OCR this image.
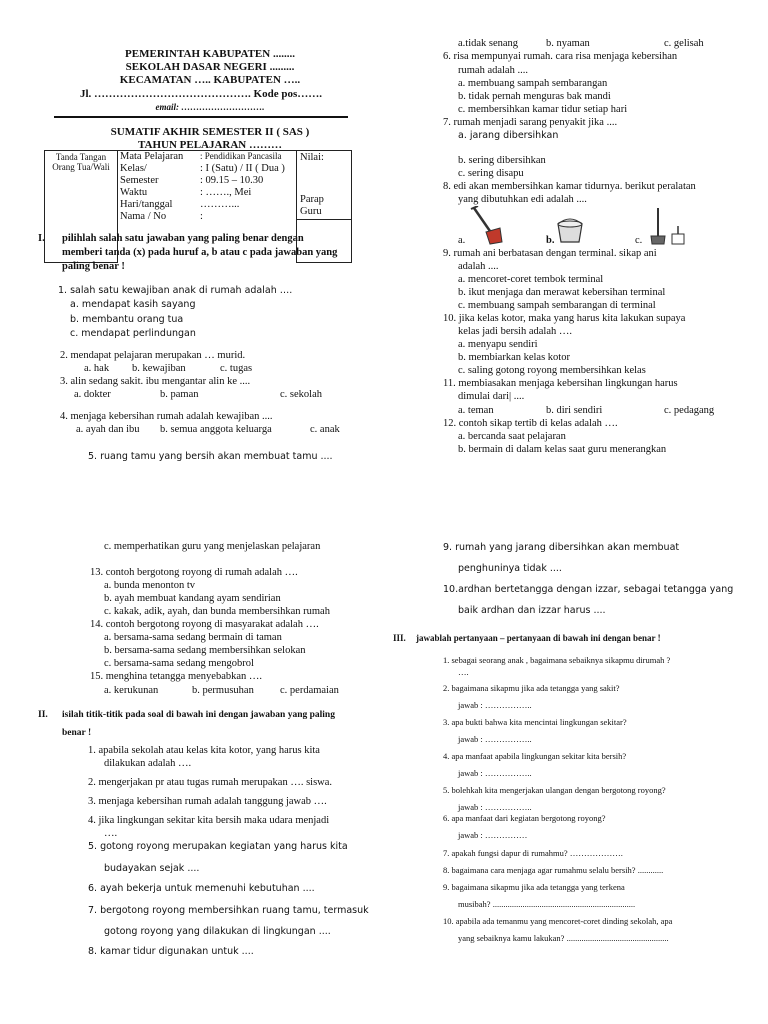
PEMERINTAH KABUPATEN ........
SEKOLAH DASAR NEGERI .........
KECAMATAN ….. KABUPATEN …..
Jl. ……………………………………. Kode pos…….
email: ……………………….
SUMATIF AKHIR SEMESTER II ( SAS )
TAHUN PELAJARAN ………
Tanda Tangan Orang Tua/Wali	
Mata Pelajaran	: Pendidikan Pancasila
Kelas/	: I (Satu) / II ( Dua )
Semester	: 09.15 – 10.30
Waktu	: ……., Mei
Hari/tanggal	………...
Nama / No	:
	Nilai:

Parap Guru

I. pilihlah salah satu jawaban yang paling benar dengan
memberi tanda (x) pada huruf a, b atau c pada jawaban yang
paling benar !
1. salah satu kewajiban anak di rumah adalah ….
a. mendapat kasih sayang
b. membantu orang tua
c. mendapat perlindungan
2. mendapat pelajaran merupakan … murid.
a. hak b. kewajiban	c. tugas
3. alin sedang sakit. ibu mengantar alin ke ....
a. dokter	b. paman	c. sekolah
4. menjaga kebersihan rumah adalah kewajiban ....
a. ayah dan ibu b. semua anggota keluarga	c. anak
5. ruang tamu yang bersih akan membuat tamu ....
a.tidak senang	b. nyaman	c. gelisah
6. risa mempunyai rumah. cara risa menjaga kebersihan
rumah adalah ....
a. membuang sampah sembarangan
b. tidak pernah menguras bak mandi
c. membersihkan kamar tidur setiap hari
7. rumah menjadi sarang penyakit jika ....
a. jarang dibersihkan
b. sering dibersihkan
c. sering disapu
8. edi akan membersihkan kamar tidurnya. berikut peralatan
yang dibutuhkan edi adalah ....
a.	b.	c.
9. rumah ani berbatasan dengan terminal. sikap ani
adalah ....
a. mencoret-coret tembok terminal
b. ikut menjaga dan merawat kebersihan terminal
c. membuang sampah sembarangan di terminal
10. jika kelas kotor, maka yang harus kita lakukan supaya
kelas jadi bersih adalah ….
a. menyapu sendiri
b. membiarkan kelas kotor
c. saling gotong royong membersihkan kelas
11. membiasakan menjaga kebersihan lingkungan harus
dimulai dari| ....
a. teman	b. diri sendiri	c. pedagang
12. contoh sikap tertib di kelas adalah ….
a. bercanda saat pelajaran
b. bermain di dalam kelas saat guru menerangkan
c. memperhatikan guru yang menjelaskan pelajaran
13. contoh bergotong royong di rumah adalah ….
a. bunda menonton tv
b. ayah membuat kandang ayam sendirian
c. kakak, adik, ayah, dan bunda membersihkan rumah
14. contoh bergotong royong di masyarakat adalah ….
a. bersama-sama sedang bermain di taman
b. bersama-sama sedang membersihkan selokan
c. bersama-sama sedang mengobrol
15. menghina tetangga menyebabkan ….
a. kerukunan	b. permusuhan c. perdamaian
II. isilah titik-titik pada soal di bawah ini dengan jawaban yang paling
benar !
1. apabila sekolah atau kelas kita kotor, yang harus kita
dilakukan adalah ….
2. mengerjakan pr atau tugas rumah merupakan …. siswa.
3. menjaga kebersihan rumah adalah tanggung jawab ….
4. jika lingkungan sekitar kita bersih maka udara menjadi
….
5. gotong royong merupakan kegiatan yang harus kita
budayakan sejak ....
6. ayah bekerja untuk memenuhi kebutuhan ....
7. bergotong royong membersihkan ruang tamu, termasuk
gotong royong yang dilakukan di lingkungan ....
8. kamar tidur digunakan untuk ....
9. rumah yang jarang dibersihkan akan membuat
penghuninya tidak ....
10.ardhan bertetangga dengan izzar, sebagai tetangga yang
baik ardhan dan izzar harus ....
III. jawablah pertanyaan – pertanyaan di bawah ini dengan benar !
1. sebagai seorang anak , bagaimana sebaiknya sikapmu dirumah ?
….
2. bagaimana sikapmu jika ada tetangga yang sakit?
jawab : ……………..
3. apa bukti bahwa kita mencintai lingkungan sekitar?
jawab : ……………..
4. apa manfaat apabila lingkungan sekitar kita bersih?
jawab : ……………..
5. bolehkah kita mengerjakan ulangan dengan bergotong royong?
jawab : ……………..
6. apa manfaat dari kegiatan bergotong royong?
jawab : ……………
7. apakah fungsi dapur di rumahmu? ……………….
8. bagaimana cara menjaga agar rumahmu selalu bersih? ............
9. bagaimana sikapmu jika ada tetangga yang terkena
musibah? ...................................................................
10. apabila ada temanmu yang mencoret-coret dinding sekolah, apa
yang sebaiknya kamu lakukan? ................................................
